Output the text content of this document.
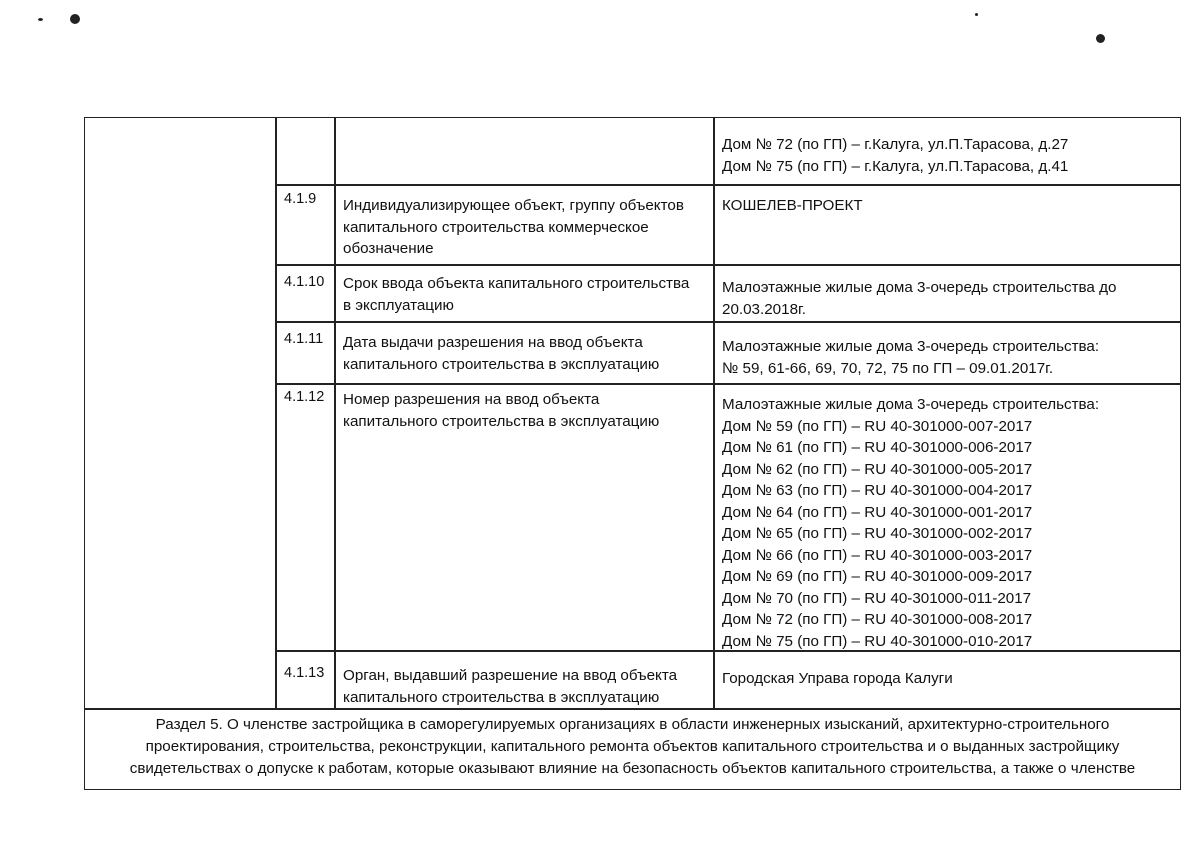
Дом № 72 (по ГП) – г.Калуга, ул.П.Тарасова, д.27
Дом № 75 (по ГП) – г.Калуга, ул.П.Тарасова, д.41
4.1.9 Индивидуализирующее объект, группу объектов
капитального строительства коммерческое
обозначение
КОШЕЛЕВ-ПРОЕКТ
4.1.10 Срок ввода объекта капитального строительства
в эксплуатацию
Малоэтажные жилые дома 3-очередь строительства до
20.03.2018г.
4.1.11 Дата выдачи разрешения на ввод объекта
капитального строительства в эксплуатацию
Малоэтажные жилые дома 3-очередь строительства:
№ 59, 61-66, 69, 70, 72, 75 по ГП – 09.01.2017г.
4.1.12 Номер разрешения на ввод объекта
капитального строительства в эксплуатацию
Малоэтажные жилые дома 3-очередь строительства:
Дом № 59 (по ГП) – RU 40-301000-007-2017
Дом № 61 (по ГП) – RU 40-301000-006-2017
Дом № 62 (по ГП) – RU 40-301000-005-2017
Дом № 63 (по ГП) – RU 40-301000-004-2017
Дом № 64 (по ГП) – RU 40-301000-001-2017
Дом № 65 (по ГП) – RU 40-301000-002-2017
Дом № 66 (по ГП) – RU 40-301000-003-2017
Дом № 69 (по ГП) – RU 40-301000-009-2017
Дом № 70 (по ГП) – RU 40-301000-011-2017
Дом № 72 (по ГП) – RU 40-301000-008-2017
Дом № 75 (по ГП) – RU 40-301000-010-2017
4.1.13 Орган, выдавший разрешение на ввод объекта
капитального строительства в эксплуатацию
Городская Управа города Калуги
Раздел 5. О членстве застройщика в саморегулируемых организациях в области инженерных изысканий, архитектурно-строительного
проектирования, строительства, реконструкции, капитального ремонта объектов капитального строительства и о выданных застройщику
свидетельствах о допуске к работам, которые оказывают влияние на безопасность объектов капитального строительства, а также о членстве
